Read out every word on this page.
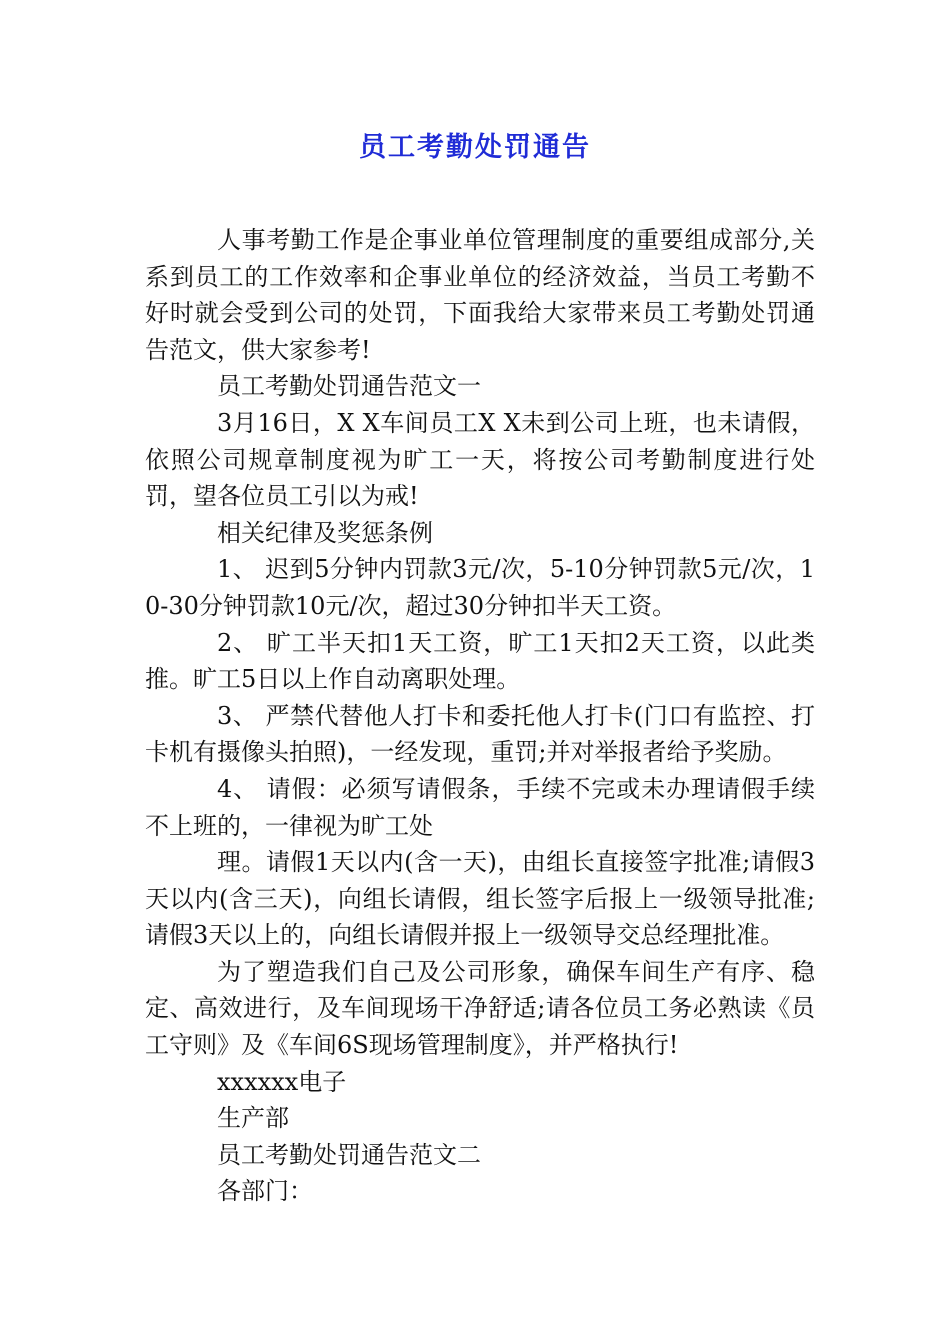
员工考勤处罚通告

人事考勤工作是企事业单位管理制度的重要组成部分,关系到员工的工作效率和企事业单位的经济效益，当员工考勤不好时就会受到公司的处罚，下面我给大家带来员工考勤处罚通告范文，供大家参考!

员工考勤处罚通告范文一

3月16日，X X车间员工X X未到公司上班，也未请假，依照公司规章制度视为旷工一天，将按公司考勤制度进行处罚，望各位员工引以为戒!

相关纪律及奖惩条例

1、 迟到5分钟内罚款3元/次，5-10分钟罚款5元/次，10-30分钟罚款10元/次，超过30分钟扣半天工资。

2、 旷工半天扣1天工资，旷工1天扣2天工资，以此类推。旷工5日以上作自动离职处理。

3、 严禁代替他人打卡和委托他人打卡(门口有监控、打卡机有摄像头拍照)，一经发现，重罚;并对举报者给予奖励。

4、 请假：必须写请假条，手续不完或未办理请假手续不上班的，一律视为旷工处

理。请假1天以内(含一天)，由组长直接签字批准;请假3天以内(含三天)，向组长请假，组长签字后报上一级领导批准;请假3天以上的，向组长请假并报上一级领导交总经理批准。

为了塑造我们自己及公司形象，确保车间生产有序、稳定、高效进行，及车间现场干净舒适;请各位员工务必熟读《员工守则》及《车间6S现场管理制度》，并严格执行!

xxxxxx电子

生产部

员工考勤处罚通告范文二

各部门：
